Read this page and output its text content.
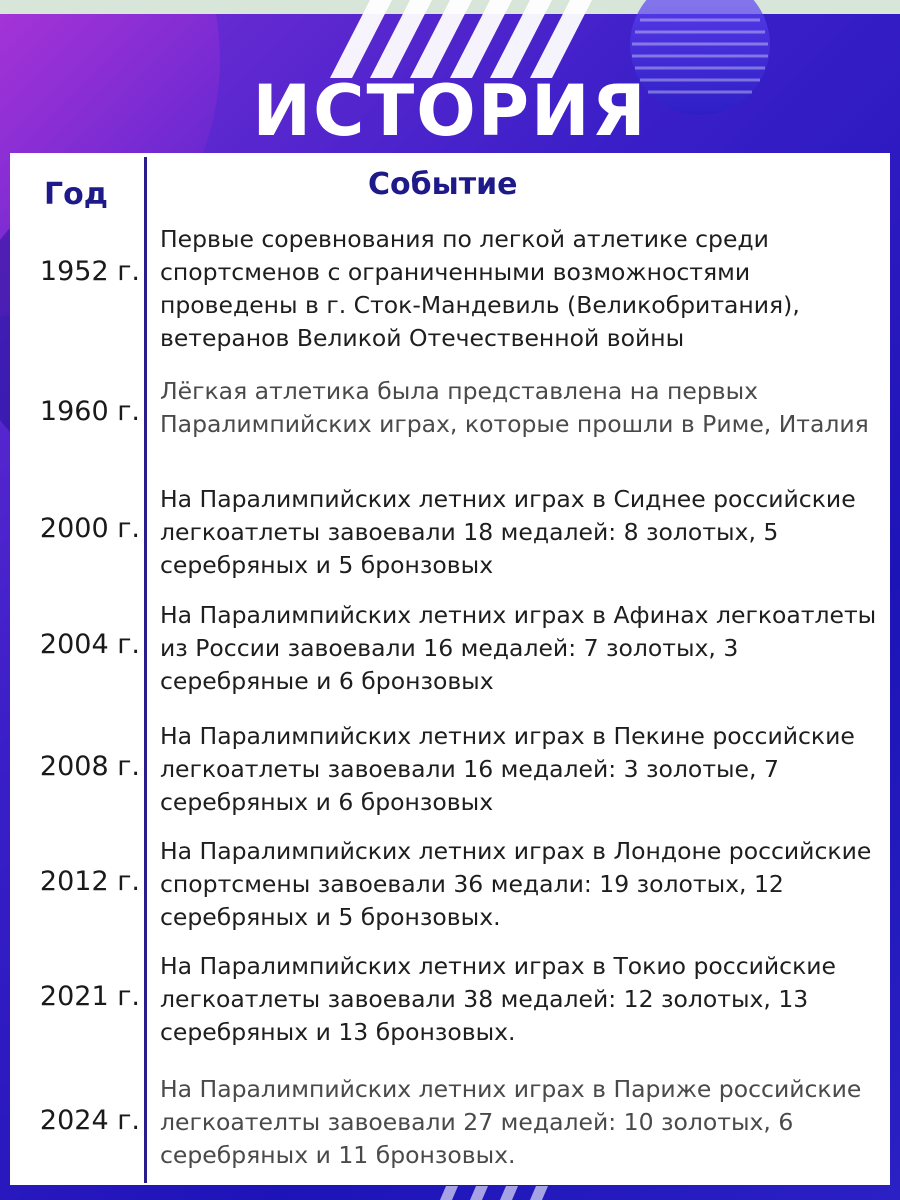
ИСТОРИЯ
Год	Событие
1952 г.

Первые соревнования по легкой атлетике среди спортсменов с ограниченными возможностями проведены в г. Сток-Мандевиль (Великобритания), ветеранов Великой Отечественной войны

1960 г.

Лёгкая атлетика была представлена на первых Паралимпийских играх, которые прошли в Риме, Италия

2000 г.

На Паралимпийских летних играх в Сиднее российские легкоатлеты завоевали 18 медалей: 8 золотых, 5 серебряных и 5 бронзовых

2004 г.

На Паралимпийских летних играх в Афинах легкоатлеты из России завоевали 16 медалей: 7 золотых, 3 серебряные и 6 бронзовых

2008 г.

На Паралимпийских летних играх в Пекине российские легкоатлеты завоевали 16 медалей: 3 золотые, 7 серебряных и 6 бронзовых

2012 г.

На Паралимпийских летних играх в Лондоне российские спортсмены завоевали 36 медали: 19 золотых, 12 серебряных и 5 бронзовых.

2021 г.

На Паралимпийских летних играх в Токио российские легкоатлеты завоевали 38 медалей: 12 золотых, 13 серебряных и 13 бронзовых.

2024 г.

На Паралимпийских летних играх в Париже российские легкоателты завоевали 27 медалей: 10 золотых, 6 серебряных и 11 бронзовых.
